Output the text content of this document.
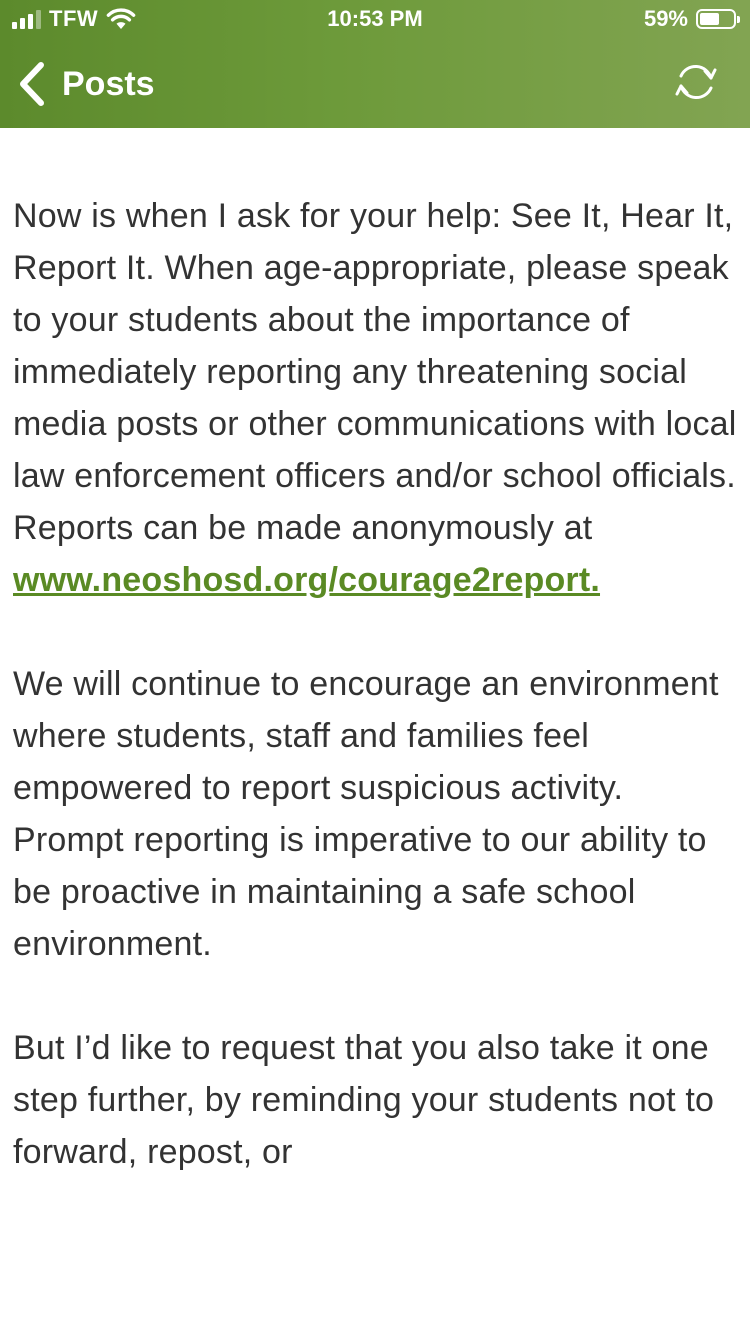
TFW	10:53 PM	59%
Posts

Now is when I ask for your help: See It, Hear It, Report It. When age-appropriate, please speak to your students about the importance of immediately reporting any threatening social media posts or other communications with local law enforcement officers and/or school officials. Reports can be made anonymously at www.neoshosd.org/courage2report.

We will continue to encourage an environment where students, staff and families feel empowered to report suspicious activity. Prompt reporting is imperative to our ability to be proactive in maintaining a safe school environment.

But I’d like to request that you also take it one step further, by reminding your students not to forward, repost, or
